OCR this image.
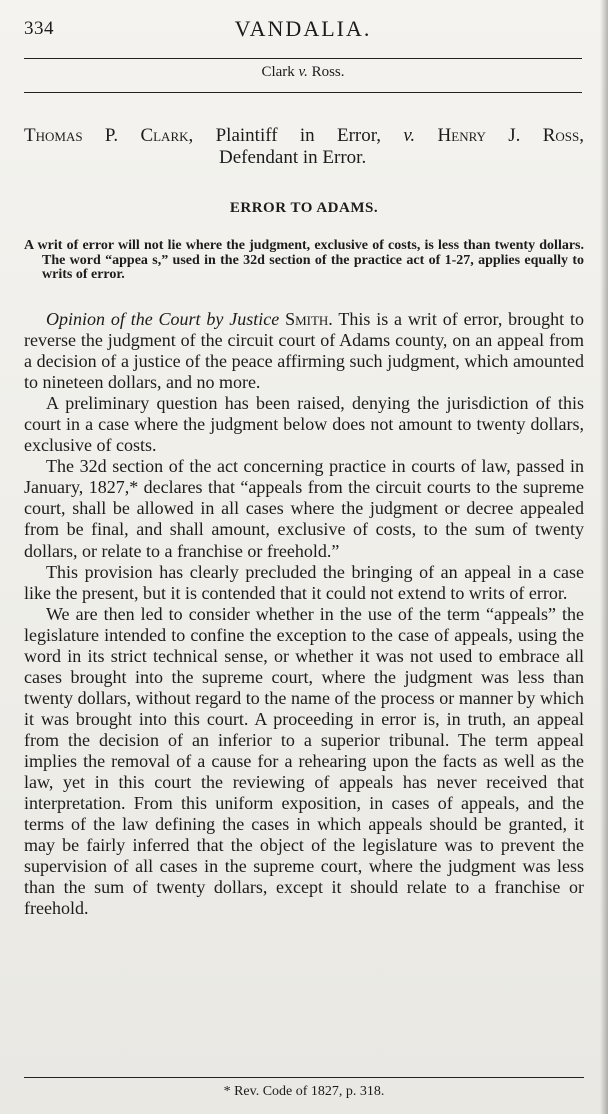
334	VANDALIA.
Clark v. Ross.
Thomas P. Clark, Plaintiff in Error, v. Henry J. Ross,
Defendant in Error.
ERROR TO ADAMS.
A writ of error will not lie where the judgment, exclusive of costs, is less than twenty dollars. The word “appea s,” used in the 32d section of the practice act of 1-27, applies equally to writs of error.

Opinion of the Court by Justice Smith. This is a writ of error, brought to reverse the judgment of the circuit court of Adams county, on an appeal from a decision of a justice of the peace affirming such judgment, which amounted to nineteen dollars, and no more.

A preliminary question has been raised, denying the jurisdiction of this court in a case where the judgment below does not amount to twenty dollars, exclusive of costs.

The 32d section of the act concerning practice in courts of law, passed in January, 1827,* declares that “appeals from the circuit courts to the supreme court, shall be allowed in all cases where the judgment or decree appealed from be final, and shall amount, exclusive of costs, to the sum of twenty dollars, or relate to a franchise or freehold.”

This provision has clearly precluded the bringing of an appeal in a case like the present, but it is contended that it could not extend to writs of error.

We are then led to consider whether in the use of the term “appeals” the legislature intended to confine the exception to the case of appeals, using the word in its strict technical sense, or whether it was not used to embrace all cases brought into the supreme court, where the judgment was less than twenty dollars, without regard to the name of the process or manner by which it was brought into this court. A proceeding in error is, in truth, an appeal from the decision of an inferior to a superior tribunal. The term appeal implies the removal of a cause for a rehearing upon the facts as well as the law, yet in this court the reviewing of appeals has never received that interpretation. From this uniform exposition, in cases of appeals, and the terms of the law defining the cases in which appeals should be granted, it may be fairly inferred that the object of the legislature was to prevent the supervision of all cases in the supreme court, where the judgment was less than the sum of twenty dollars, except it should relate to a franchise or freehold.

* Rev. Code of 1827, p. 318.
